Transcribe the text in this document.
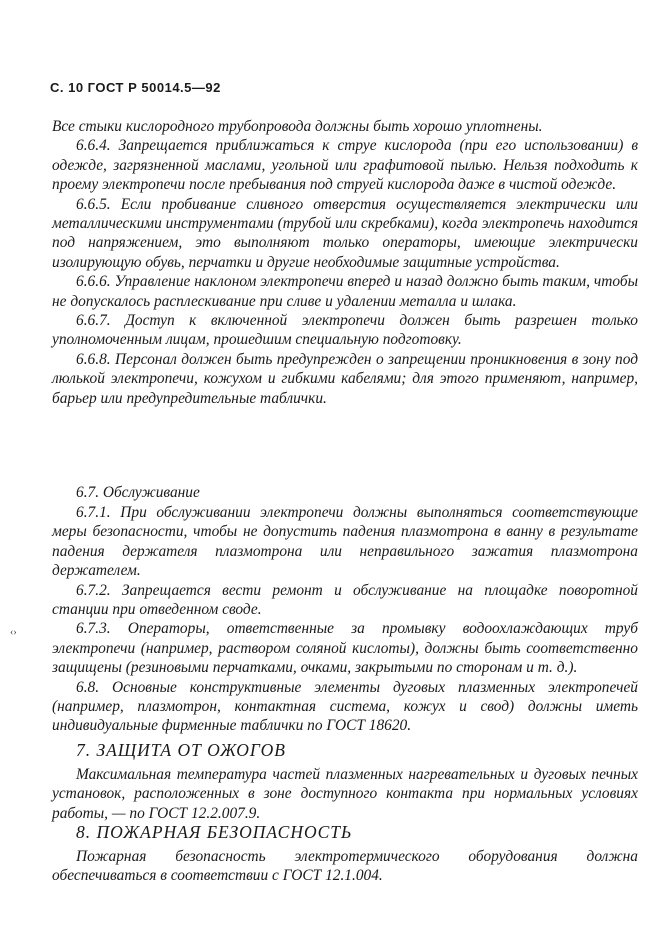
С. 10 ГОСТ Р 50014.5—92

Все стыки кислородного трубопровода должны быть хорошо уплотнены.

6.6.4. Запрещается приближаться к струе кислорода (при его использовании) в одежде, загрязненной маслами, угольной или графитовой пылью. Нельзя подходить к проему электропечи после пребывания под струей кислорода даже в чистой одежде.

6.6.5. Если пробивание сливного отверстия осуществляется электрически или металлическими инструментами (трубой или скребками), когда электропечь находится под напряжением, это выполняют только операторы, имеющие электрически изолирующую обувь, перчатки и другие необходимые защитные устройства.

6.6.6. Управление наклоном электропечи вперед и назад должно быть таким, чтобы не допускалось расплескивание при сливе и удалении металла и шлака.

6.6.7. Доступ к включенной электропечи должен быть разрешен только уполномоченным лицам, прошедшим специальную подготовку.

6.6.8. Персонал должен быть предупрежден о запрещении проникновения в зону под люлькой электропечи, кожухом и гибкими кабелями; для этого применяют, например, барьер или предупредительные таблички.

6.7. Обслуживание

6.7.1. При обслуживании электропечи должны выполняться соответствующие меры безопасности, чтобы не допустить падения плазмотрона в ванну в результате падения держателя плазмотрона или неправильного зажатия плазмотрона держателем.

6.7.2. Запрещается вести ремонт и обслуживание на площадке поворотной станции при отведенном своде.

6.7.3. Операторы, ответственные за промывку водоохлаждающих труб электропечи (например, раствором соляной кислоты), должны быть соответственно защищены (резиновыми перчатками, очками, закрытыми по сторонам и т. д.).

6.8. Основные конструктивные элементы дуговых плазменных электропечей (например, плазмотрон, контактная система, кожух и свод) должны иметь индивидуальные фирменные таблички по ГОСТ 18620.

7. ЗАЩИТА ОТ ОЖОГОВ

Максимальная температура частей плазменных нагревательных и дуговых печных установок, расположенных в зоне доступного контакта при нормальных условиях работы, — по ГОСТ 12.2.007.9.

8. ПОЖАРНАЯ БЕЗОПАСНОСТЬ

Пожарная безопасность электротермического оборудования должна обеспечиваться в соответствии с ГОСТ 12.1.004.

‹›
